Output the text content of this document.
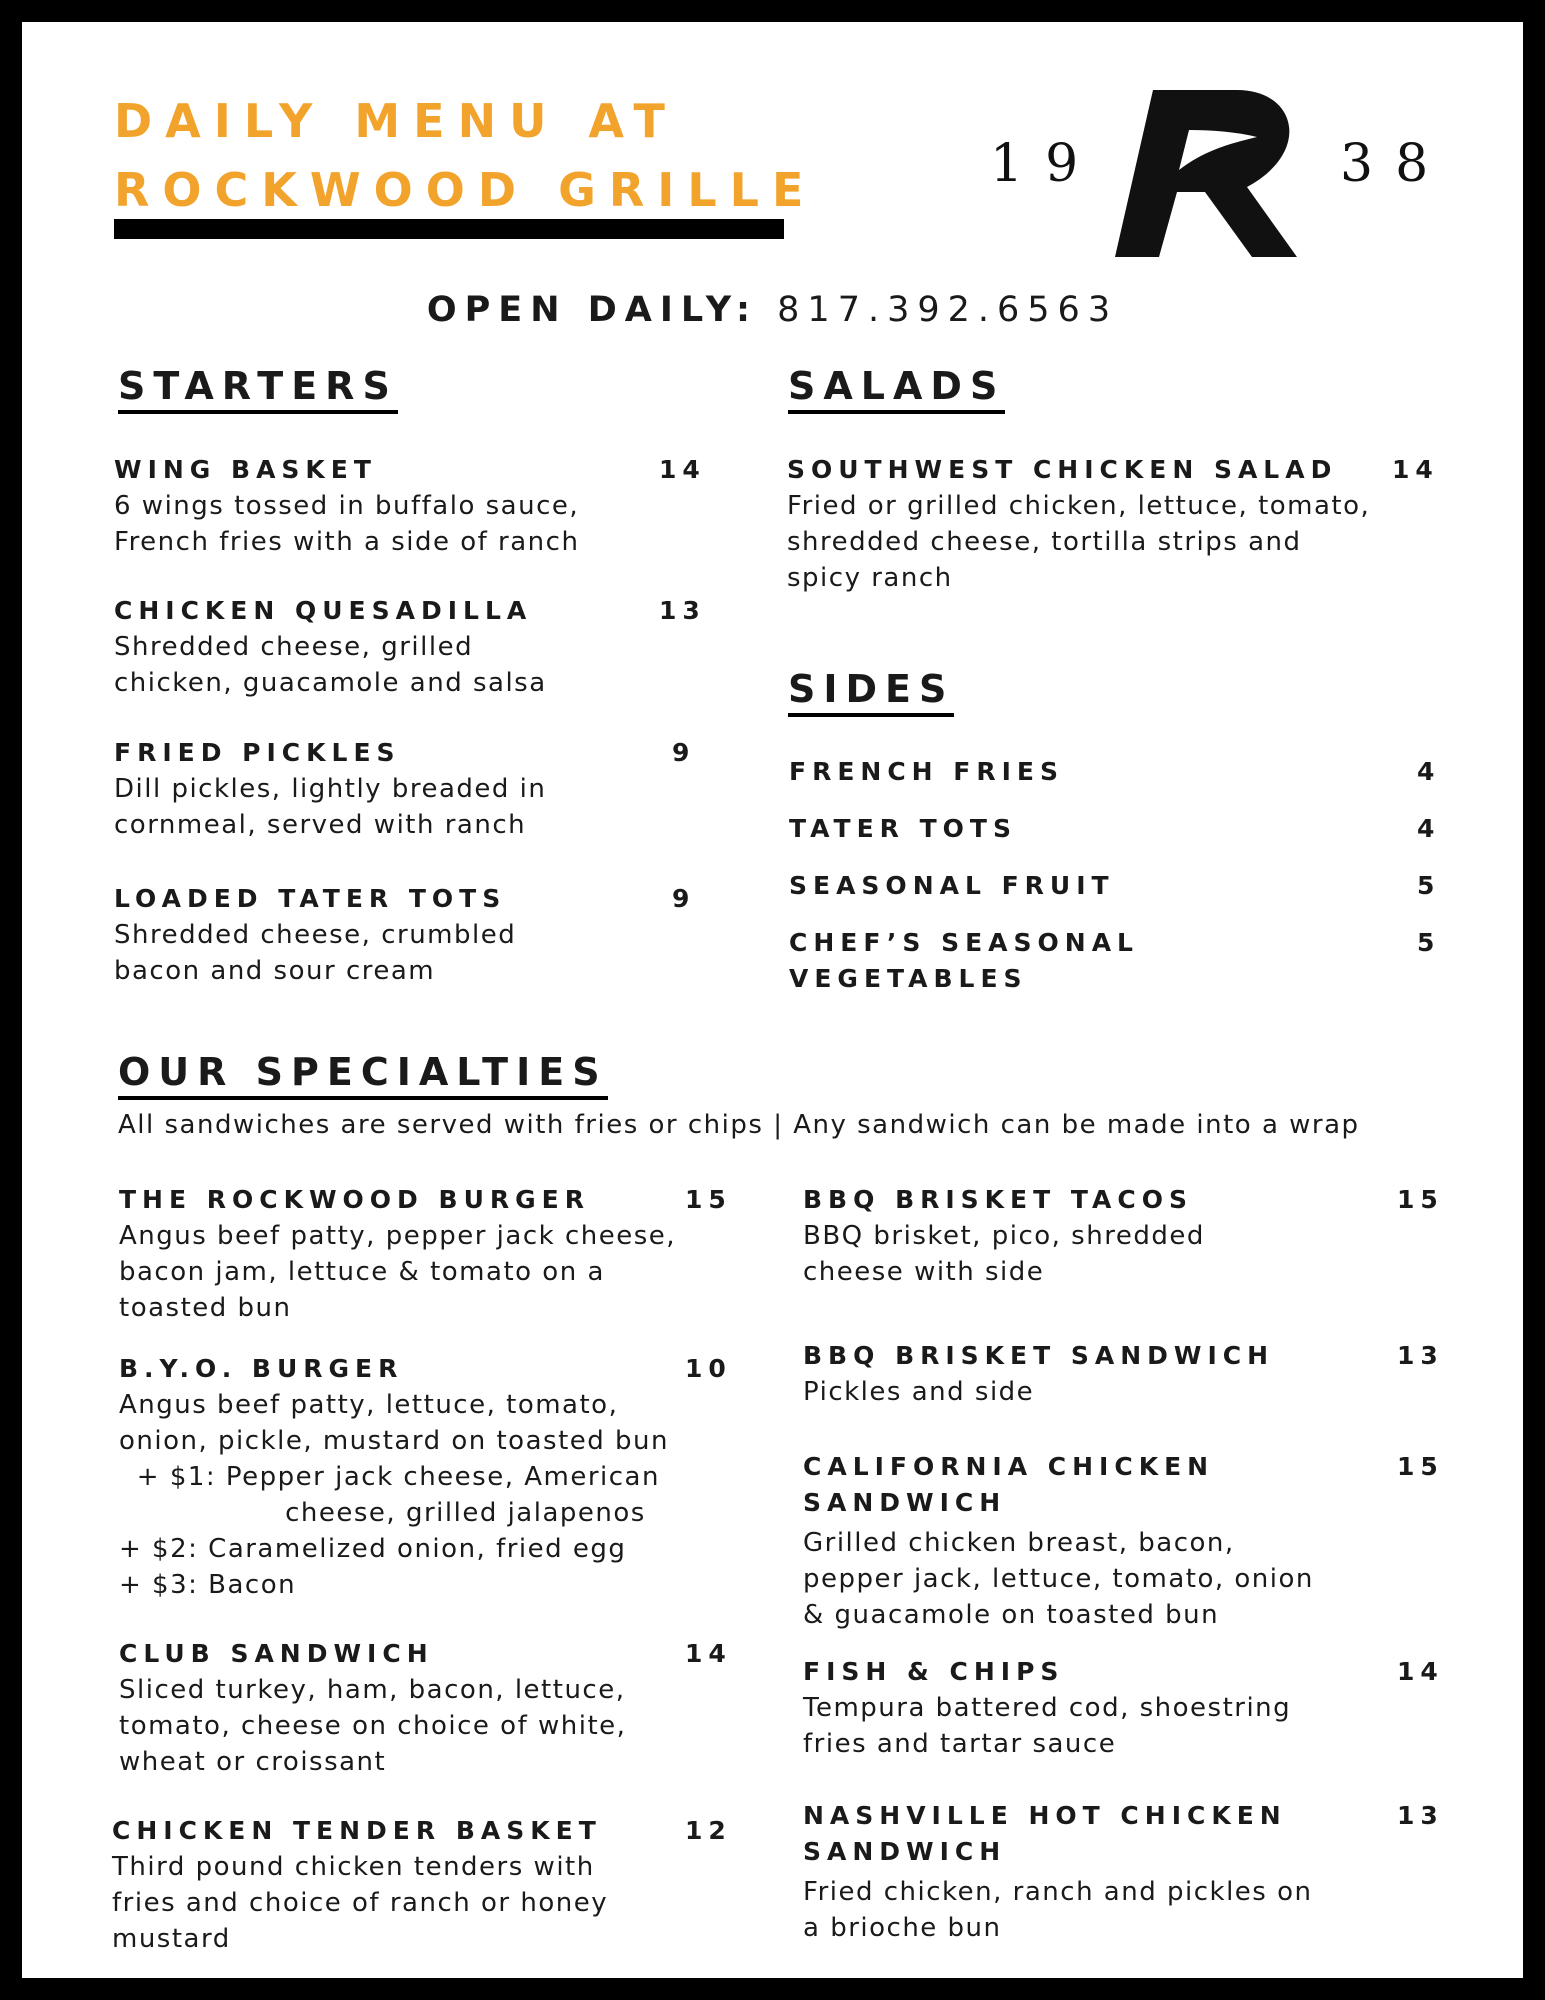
DAILY MENU AT
ROCKWOOD GRILLE	19	38
OPEN DAILY: 817.392.6563
STARTERS
WING BASKET	14
6 wings tossed in buffalo sauce,
French fries with a side of ranch
CHICKEN QUESADILLA	13
Shredded cheese, grilled
chicken, guacamole and salsa
FRIED PICKLES	9
Dill pickles, lightly breaded in
cornmeal, served with ranch
LOADED TATER TOTS	9
Shredded cheese, crumbled
bacon and sour cream
SALADS
SOUTHWEST CHICKEN SALAD 14
Fried or grilled chicken, lettuce, tomato,
shredded cheese, tortilla strips and
spicy ranch
SIDES
FRENCH FRIES	4
TATER TOTS	4
SEASONAL FRUIT	5
CHEF’S SEASONAL
VEGETABLES
5
OUR SPECIALTIES
All sandwiches are served with fries or chips | Any sandwich can be made into a wrap
THE ROCKWOOD BURGER	15
Angus beef patty, pepper jack cheese,
bacon jam, lettuce & tomato on a
toasted bun
B.Y.O. BURGER	10
Angus beef patty, lettuce, tomato,
onion, pickle, mustard on toasted bun
+ $1: Pepper jack cheese, American
cheese, grilled jalapenos
+ $2: Caramelized onion, fried egg
+ $3: Bacon
CLUB SANDWICH	14
Sliced turkey, ham, bacon, lettuce,
tomato, cheese on choice of white,
wheat or croissant
CHICKEN TENDER BASKET	12
Third pound chicken tenders with
fries and choice of ranch or honey
mustard
BBQ BRISKET TACOS	15
BBQ brisket, pico, shredded
cheese with side
BBQ BRISKET SANDWICH	13
Pickles and side
CALIFORNIA CHICKEN
SANDWICH
15
Grilled chicken breast, bacon,
pepper jack, lettuce, tomato, onion
& guacamole on toasted bun
FISH & CHIPS	14
Tempura battered cod, shoestring
fries and tartar sauce
NASHVILLE HOT CHICKEN
SANDWICH
13
Fried chicken, ranch and pickles on
a brioche bun
